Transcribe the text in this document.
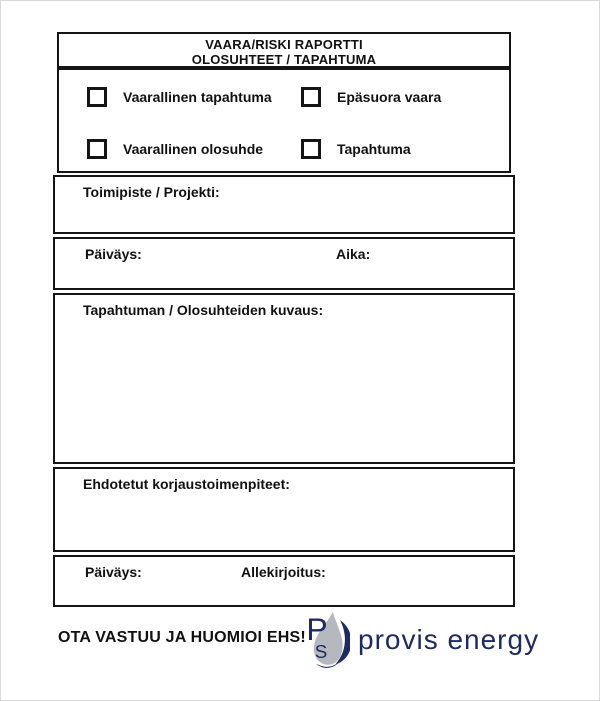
VAARA/RISKI RAPORTTI
OLOSUHTEET / TAPAHTUMA
Vaarallinen tapahtuma	Epäsuora vaara
Vaarallinen olosuhde	Tapahtuma
Toimipiste / Projekti:
Päiväys:	Aika:
Tapahtuman / Olosuhteiden kuvaus:
Ehdotetut korjaustoimenpiteet:
Päiväys:	Allekirjoitus:
OTA VASTUU JA HUOMIOI EHS! P
S provis energy
